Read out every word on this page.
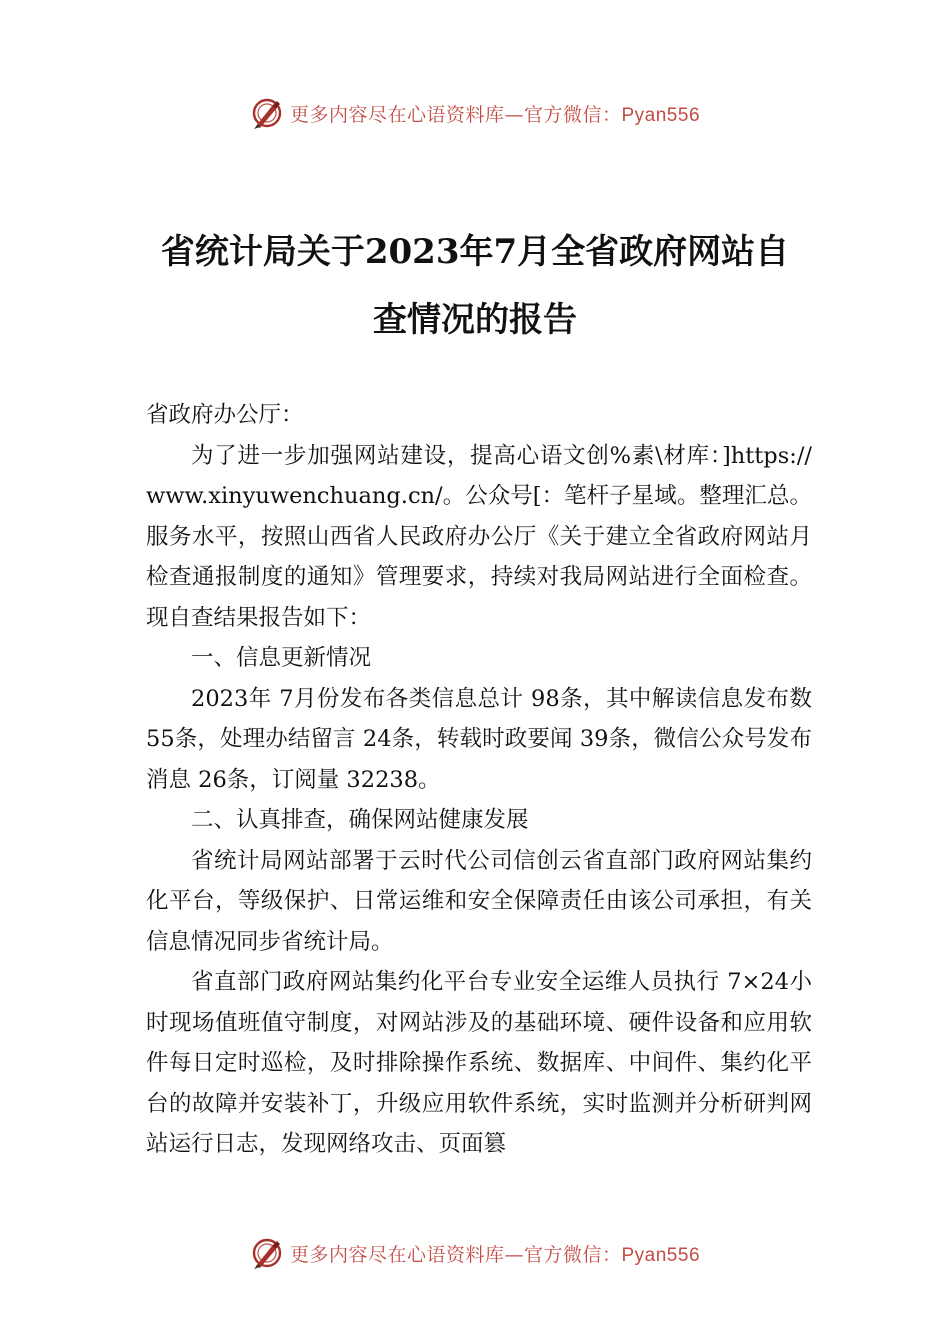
更多内容尽在心语资料库—官方微信：Pyan556
省统计局关于2023年7月全省政府网站自
查情况的报告

省政府办公厅：

为了进一步加强网站建设，提高心语文创%素\材库：]https://www.xinyuwenchuang.cn/。公众号[：笔杆子星域。整理汇总。服务水平，按照山西省人民政府办公厅《关于建立全省政府网站月检查通报制度的通知》管理要求，持续对我局网站进行全面检查。现自查结果报告如下：

一、信息更新情况

2023年 7月份发布各类信息总计 98条，其中解读信息发布数 55条，处理办结留言 24条，转载时政要闻 39条，微信公众号发布消息 26条，订阅量 32238。

二、认真排查，确保网站健康发展

省统计局网站部署于云时代公司信创云省直部门政府网站集约化平台，等级保护、日常运维和安全保障责任由该公司承担，有关信息情况同步省统计局。

省直部门政府网站集约化平台专业安全运维人员执行 7×24小时现场值班值守制度，对网站涉及的基础环境、硬件设备和应用软件每日定时巡检，及时排除操作系统、数据库、中间件、集约化平台的故障并安装补丁，升级应用软件系统，实时监测并分析研判网站运行日志，发现网络攻击、页面篡

更多内容尽在心语资料库—官方微信：Pyan556
